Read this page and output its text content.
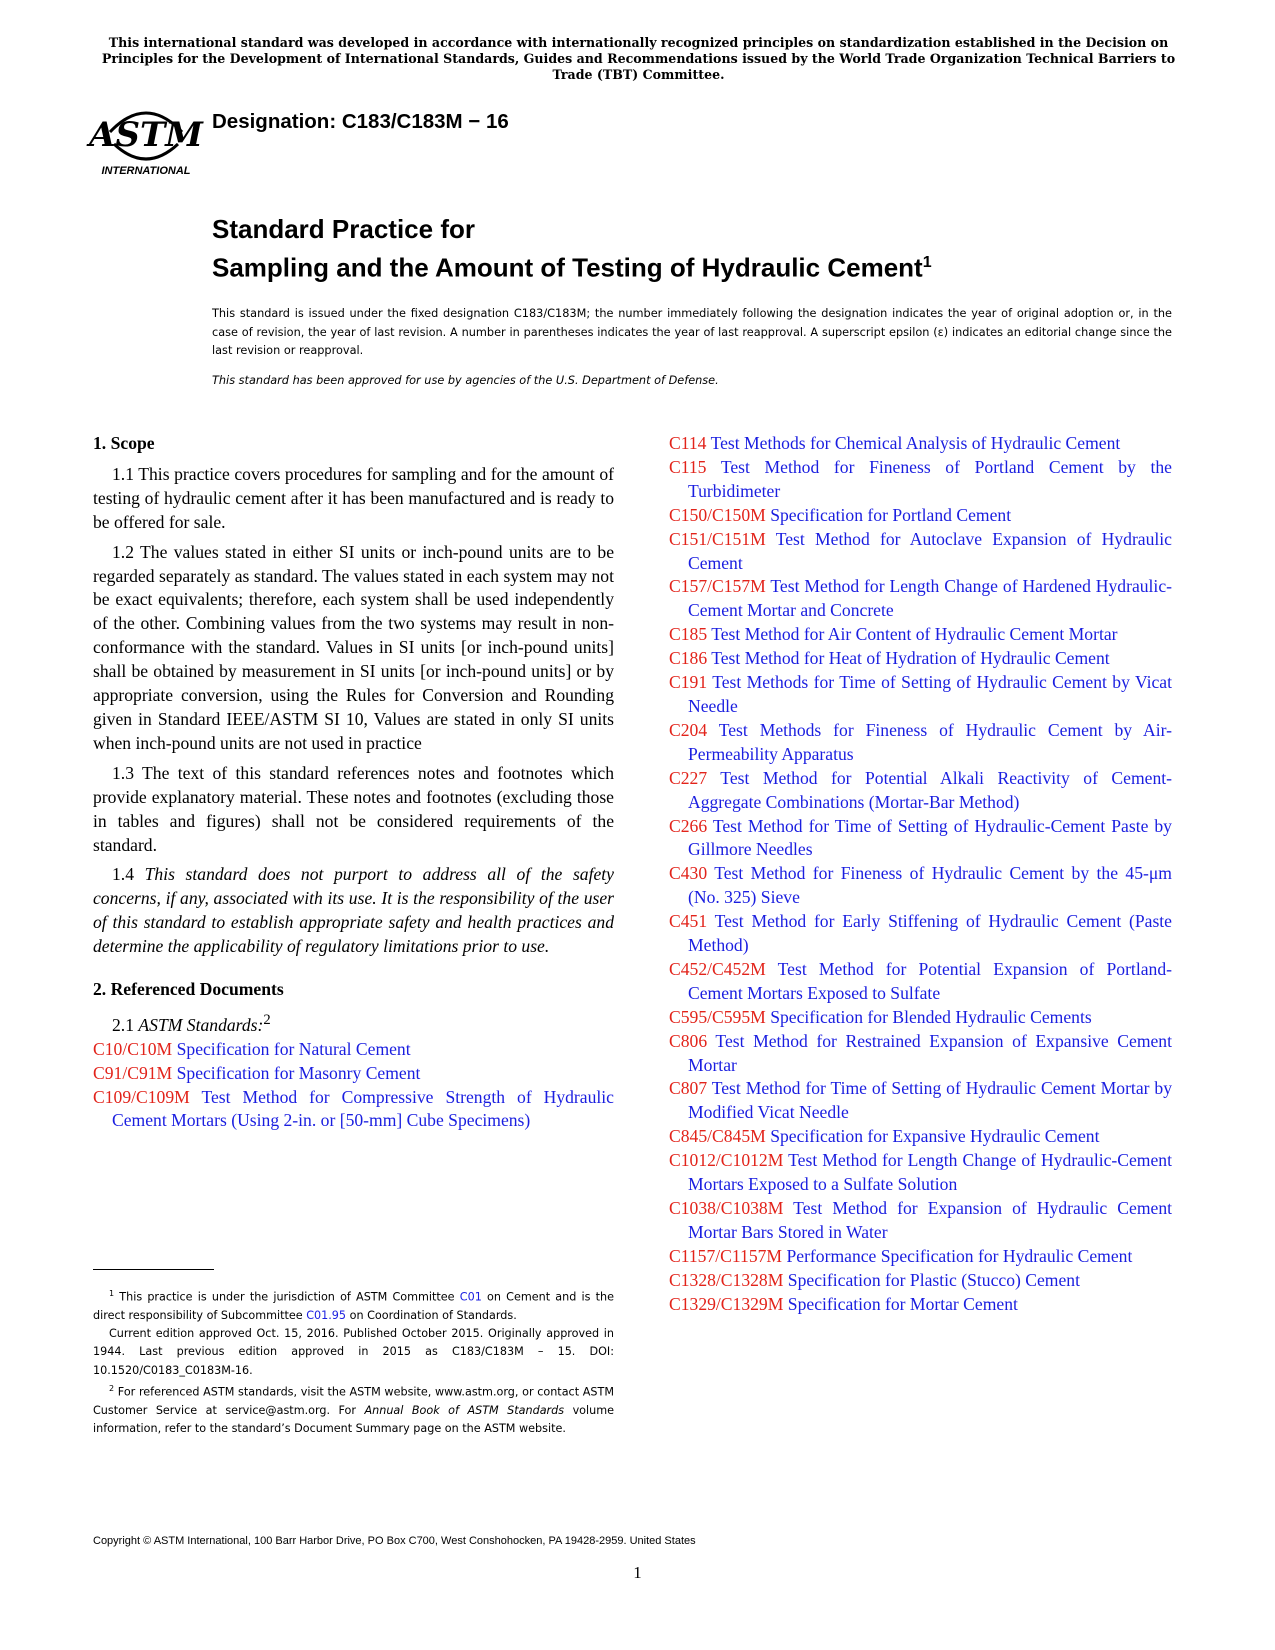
This international standard was developed in accordance with internationally recognized principles on standardization established in the Decision on Principles for the Development of International Standards, Guides and Recommendations issued by the World Trade Organization Technical Barriers to Trade (TBT) Committee.
ASTM
INTERNATIONAL
Designation: C183/C183M − 16
Standard Practice for
Sampling and the Amount of Testing of Hydraulic Cement$^1$
This standard is issued under the fixed designation C183/C183M; the number immediately following the designation indicates the year of original adoption or, in the case of revision, the year of last revision. A number in parentheses indicates the year of last reapproval. A superscript epsilon (ε) indicates an editorial change since the last revision or reapproval.
This standard has been approved for use by agencies of the U.S. Department of Defense.
1. Scope

1.1 This practice covers procedures for sampling and for the amount of testing of hydraulic cement after it has been manufactured and is ready to be offered for sale.

1.2 The values stated in either SI units or inch-pound units are to be regarded separately as standard. The values stated in each system may not be exact equivalents; therefore, each system shall be used independently of the other. Combining values from the two systems may result in non-conformance with the standard. Values in SI units [or inch-pound units] shall be obtained by measurement in SI units [or inch-pound units] or by appropriate conversion, using the Rules for Conversion and Rounding given in Standard IEEE/ASTM SI 10, Values are stated in only SI units when inch-pound units are not used in practice

1.3 The text of this standard references notes and footnotes which provide explanatory material. These notes and footnotes (excluding those in tables and figures) shall not be considered requirements of the standard.

1.4 This standard does not purport to address all of the safety concerns, if any, associated with its use. It is the responsibility of the user of this standard to establish appropriate safety and health practices and determine the applicability of regulatory limitations prior to use.

2. Referenced Documents

2.1 ASTM Standards:$^2$

C10/C10M Specification for Natural Cement

C91/C91M Specification for Masonry Cement

C109/C109M Test Method for Compressive Strength of Hydraulic Cement Mortars (Using 2-in. or [50-mm] Cube Specimens)

C114 Test Methods for Chemical Analysis of Hydraulic Cement

C115 Test Method for Fineness of Portland Cement by the Turbidimeter

C150/C150M Specification for Portland Cement

C151/C151M Test Method for Autoclave Expansion of Hydraulic Cement

C157/C157M Test Method for Length Change of Hardened Hydraulic-Cement Mortar and Concrete

C185 Test Method for Air Content of Hydraulic Cement Mortar

C186 Test Method for Heat of Hydration of Hydraulic Cement

C191 Test Methods for Time of Setting of Hydraulic Cement by Vicat Needle

C204 Test Methods for Fineness of Hydraulic Cement by Air-Permeability Apparatus

C227 Test Method for Potential Alkali Reactivity of Cement-Aggregate Combinations (Mortar-Bar Method)

C266 Test Method for Time of Setting of Hydraulic-Cement Paste by Gillmore Needles

C430 Test Method for Fineness of Hydraulic Cement by the 45-μm (No. 325) Sieve

C451 Test Method for Early Stiffening of Hydraulic Cement (Paste Method)

C452/C452M Test Method for Potential Expansion of Portland-Cement Mortars Exposed to Sulfate

C595/C595M Specification for Blended Hydraulic Cements

C806 Test Method for Restrained Expansion of Expansive Cement Mortar

C807 Test Method for Time of Setting of Hydraulic Cement Mortar by Modified Vicat Needle

C845/C845M Specification for Expansive Hydraulic Cement

C1012/C1012M Test Method for Length Change of Hydraulic-Cement Mortars Exposed to a Sulfate Solution

C1038/C1038M Test Method for Expansion of Hydraulic Cement Mortar Bars Stored in Water

C1157/C1157M Performance Specification for Hydraulic Cement

C1328/C1328M Specification for Plastic (Stucco) Cement

C1329/C1329M Specification for Mortar Cement

$^1$ This practice is under the jurisdiction of ASTM Committee C01 on Cement and is the direct responsibility of Subcommittee C01.95 on Coordination of Standards.

Current edition approved Oct. 15, 2016. Published October 2015. Originally approved in 1944. Last previous edition approved in 2015 as C183/C183M – 15. DOI: 10.1520/C0183_C0183M-16.

$^2$ For referenced ASTM standards, visit the ASTM website, www.astm.org, or contact ASTM Customer Service at service@astm.org. For Annual Book of ASTM Standards volume information, refer to the standard’s Document Summary page on the ASTM website.

Copyright © ASTM International, 100 Barr Harbor Drive, PO Box C700, West Conshohocken, PA 19428-2959. United States
1
